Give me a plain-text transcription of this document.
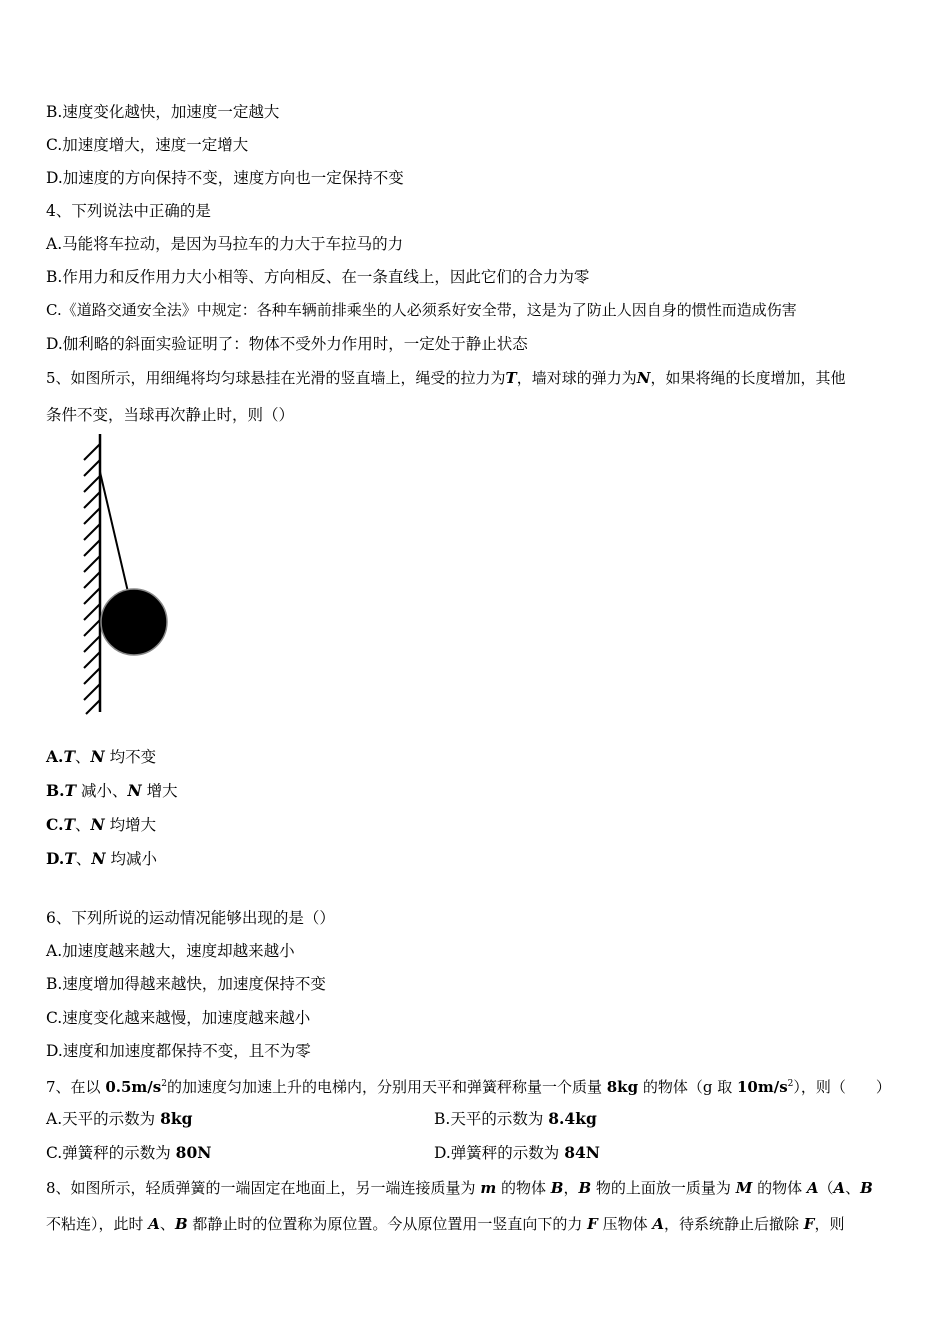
B.速度变化越快，加速度一定越大
C.加速度增大，速度一定增大
D.加速度的方向保持不变，速度方向也一定保持不变
4、下列说法中正确的是
A.马能将车拉动，是因为马拉车的力大于车拉马的力
B.作用力和反作用力大小相等、方向相反、在一条直线上，因此它们的合力为零
C.《道路交通安全法》中规定：各种车辆前排乘坐的人必须系好安全带，这是为了防止人因自身的惯性而造成伤害
D.伽利略的斜面实验证明了：物体不受外力作用时，一定处于静止状态
5、如图所示，用细绳将均匀球悬挂在光滑的竖直墙上，绳受的拉力为T，墙对球的弹力为N，如果将绳的长度增加，其他
条件不变，当球再次静止时，则（）
A.T、N 均不变
B.T 减小、N 增大
C.T、N 均增大
D.T、N 均减小
6、下列所说的运动情况能够出现的是（）
A.加速度越来越大，速度却越来越小
B.速度增加得越来越快，加速度保持不变
C.速度变化越来越慢，加速度越来越小
D.速度和加速度都保持不变，且不为零
7、在以 $0.5m/s^2$的加速度匀加速上升的电梯内，分别用天平和弹簧秤称量一个质量 8kg 的物体（g 取 $10m/s^2$），则（　　）
A.天平的示数为 8kg	B.天平的示数为 8.4kg
C.弹簧秤的示数为 80N	D.弹簧秤的示数为 84N
8、如图所示，轻质弹簧的一端固定在地面上，另一端连接质量为 m 的物体 B，B 物的上面放一质量为 M 的物体 A（A、B
不粘连），此时 A、B 都静止时的位置称为原位置。今从原位置用一竖直向下的力 F 压物体 A，待系统静止后撤除 F，则
